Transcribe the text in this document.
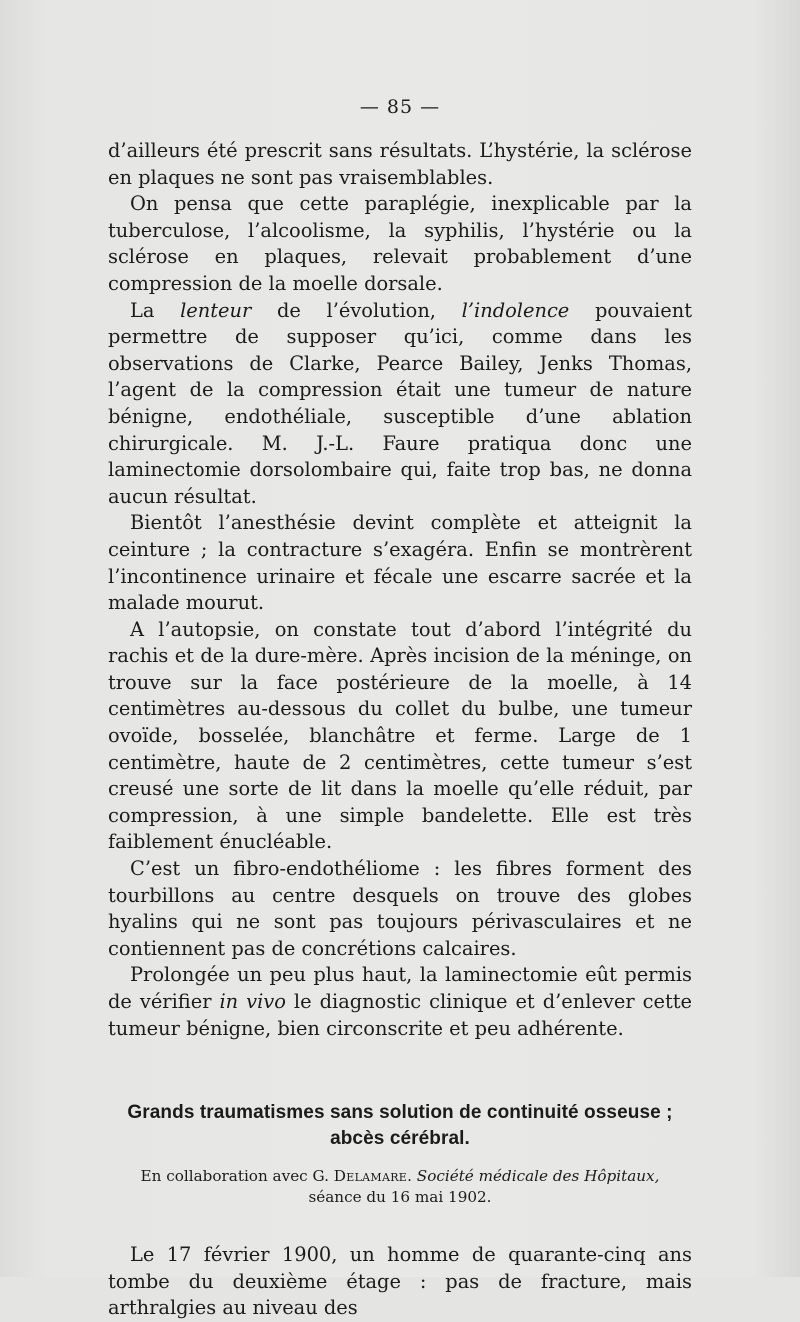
— 85 —

d’ailleurs été prescrit sans résultats. L’hystérie, la sclérose en plaques ne sont pas vraisemblables.

On pensa que cette paraplégie, inexplicable par la tuberculose, l’alcoolisme, la syphilis, l’hystérie ou la sclérose en plaques, relevait probablement d’une compression de la moelle dorsale.

La lenteur de l’évolution, l’indolence pouvaient permettre de supposer qu’ici, comme dans les observations de Clarke, Pearce Bailey, Jenks Thomas, l’agent de la compression était une tumeur de nature bénigne, endothéliale, susceptible d’une ablation chirurgicale. M. J.-L. Faure pratiqua donc une laminectomie dorsolombaire qui, faite trop bas, ne donna aucun résultat.

Bientôt l’anesthésie devint complète et atteignit la ceinture ; la contracture s’exagéra. Enfin se montrèrent l’incontinence urinaire et fécale une escarre sacrée et la malade mourut.

A l’autopsie, on constate tout d’abord l’intégrité du rachis et de la dure-mère. Après incision de la méninge, on trouve sur la face postérieure de la moelle, à 14 centimètres au-dessous du collet du bulbe, une tumeur ovoïde, bosselée, blanchâtre et ferme. Large de 1 centimètre, haute de 2 centimètres, cette tumeur s’est creusé une sorte de lit dans la moelle qu’elle réduit, par compression, à une simple bandelette. Elle est très faiblement énucléable.

C’est un fibro-endothéliome : les fibres forment des tourbillons au centre desquels on trouve des globes hyalins qui ne sont pas toujours périvasculaires et ne contiennent pas de concrétions calcaires.

Prolongée un peu plus haut, la laminectomie eût permis de vérifier in vivo le diagnostic clinique et d’enlever cette tumeur bénigne, bien circonscrite et peu adhérente.

Grands traumatismes sans solution de continuité osseuse ; abcès cérébral.
En collaboration avec G. Delamare. Société médicale des Hôpitaux,
séance du 16 mai 1902.

Le 17 février 1900, un homme de quarante-cinq ans tombe du deuxième étage : pas de fracture, mais arthralgies au niveau des
